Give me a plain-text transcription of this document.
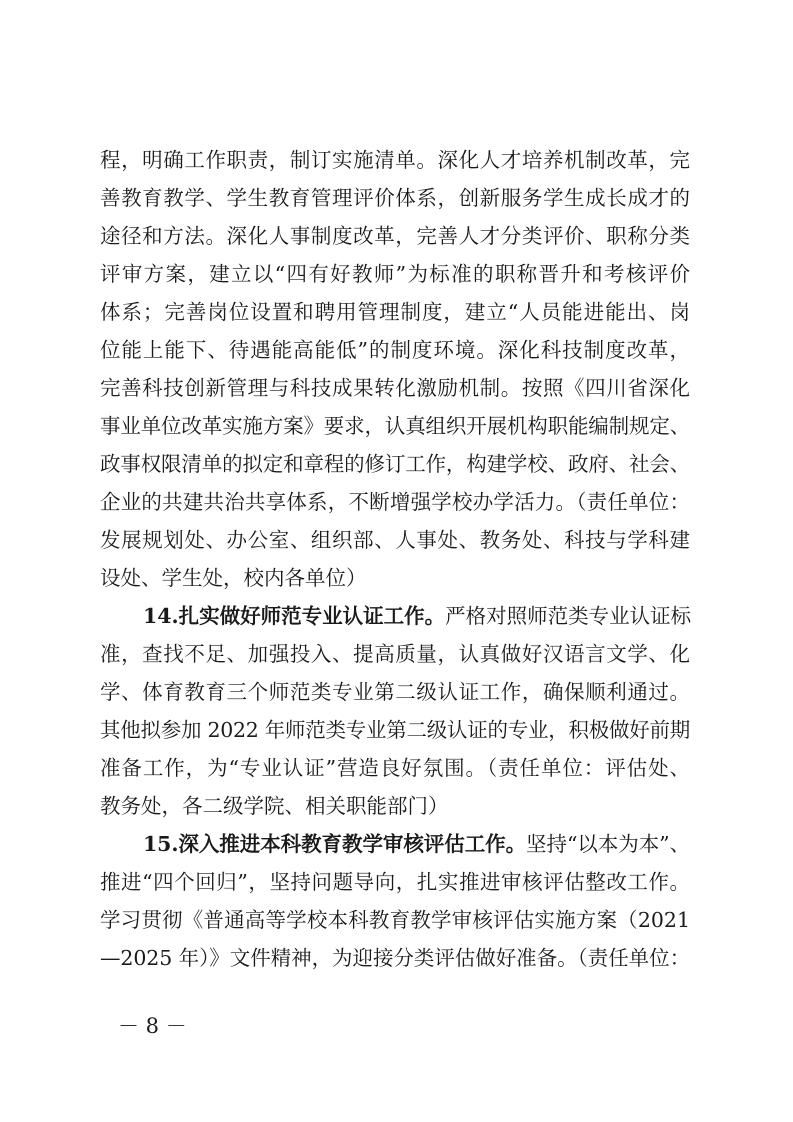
程，明确工作职责，制订实施清单。深化人才培养机制改革，完
善教育教学、学生教育管理评价体系，创新服务学生成长成才的
途径和方法。深化人事制度改革，完善人才分类评价、职称分类
评审方案，建立以“四有好教师”为标准的职称晋升和考核评价
体系；完善岗位设置和聘用管理制度，建立“人员能进能出、岗
位能上能下、待遇能高能低”的制度环境。深化科技制度改革，
完善科技创新管理与科技成果转化激励机制。按照《四川省深化
事业单位改革实施方案》要求，认真组织开展机构职能编制规定、
政事权限清单的拟定和章程的修订工作，构建学校、政府、社会、
企业的共建共治共享体系，不断增强学校办学活力。（责任单位：
发展规划处、办公室、组织部、人事处、教务处、科技与学科建
设处、学生处，校内各单位）
14.扎实做好师范专业认证工作。严格对照师范类专业认证标
准，查找不足、加强投入、提高质量，认真做好汉语言文学、化
学、体育教育三个师范类专业第二级认证工作，确保顺利通过。
其他拟参加 2022 年师范类专业第二级认证的专业，积极做好前期
准备工作，为“专业认证”营造良好氛围。（责任单位：评估处、
教务处，各二级学院、相关职能部门）
15.深入推进本科教育教学审核评估工作。坚持“以本为本”、
推进“四个回归”，坚持问题导向，扎实推进审核评估整改工作。
学习贯彻《普通高等学校本科教育教学审核评估实施方案（2021
—2025 年）》文件精神，为迎接分类评估做好准备。（责任单位：
－ 8 －
